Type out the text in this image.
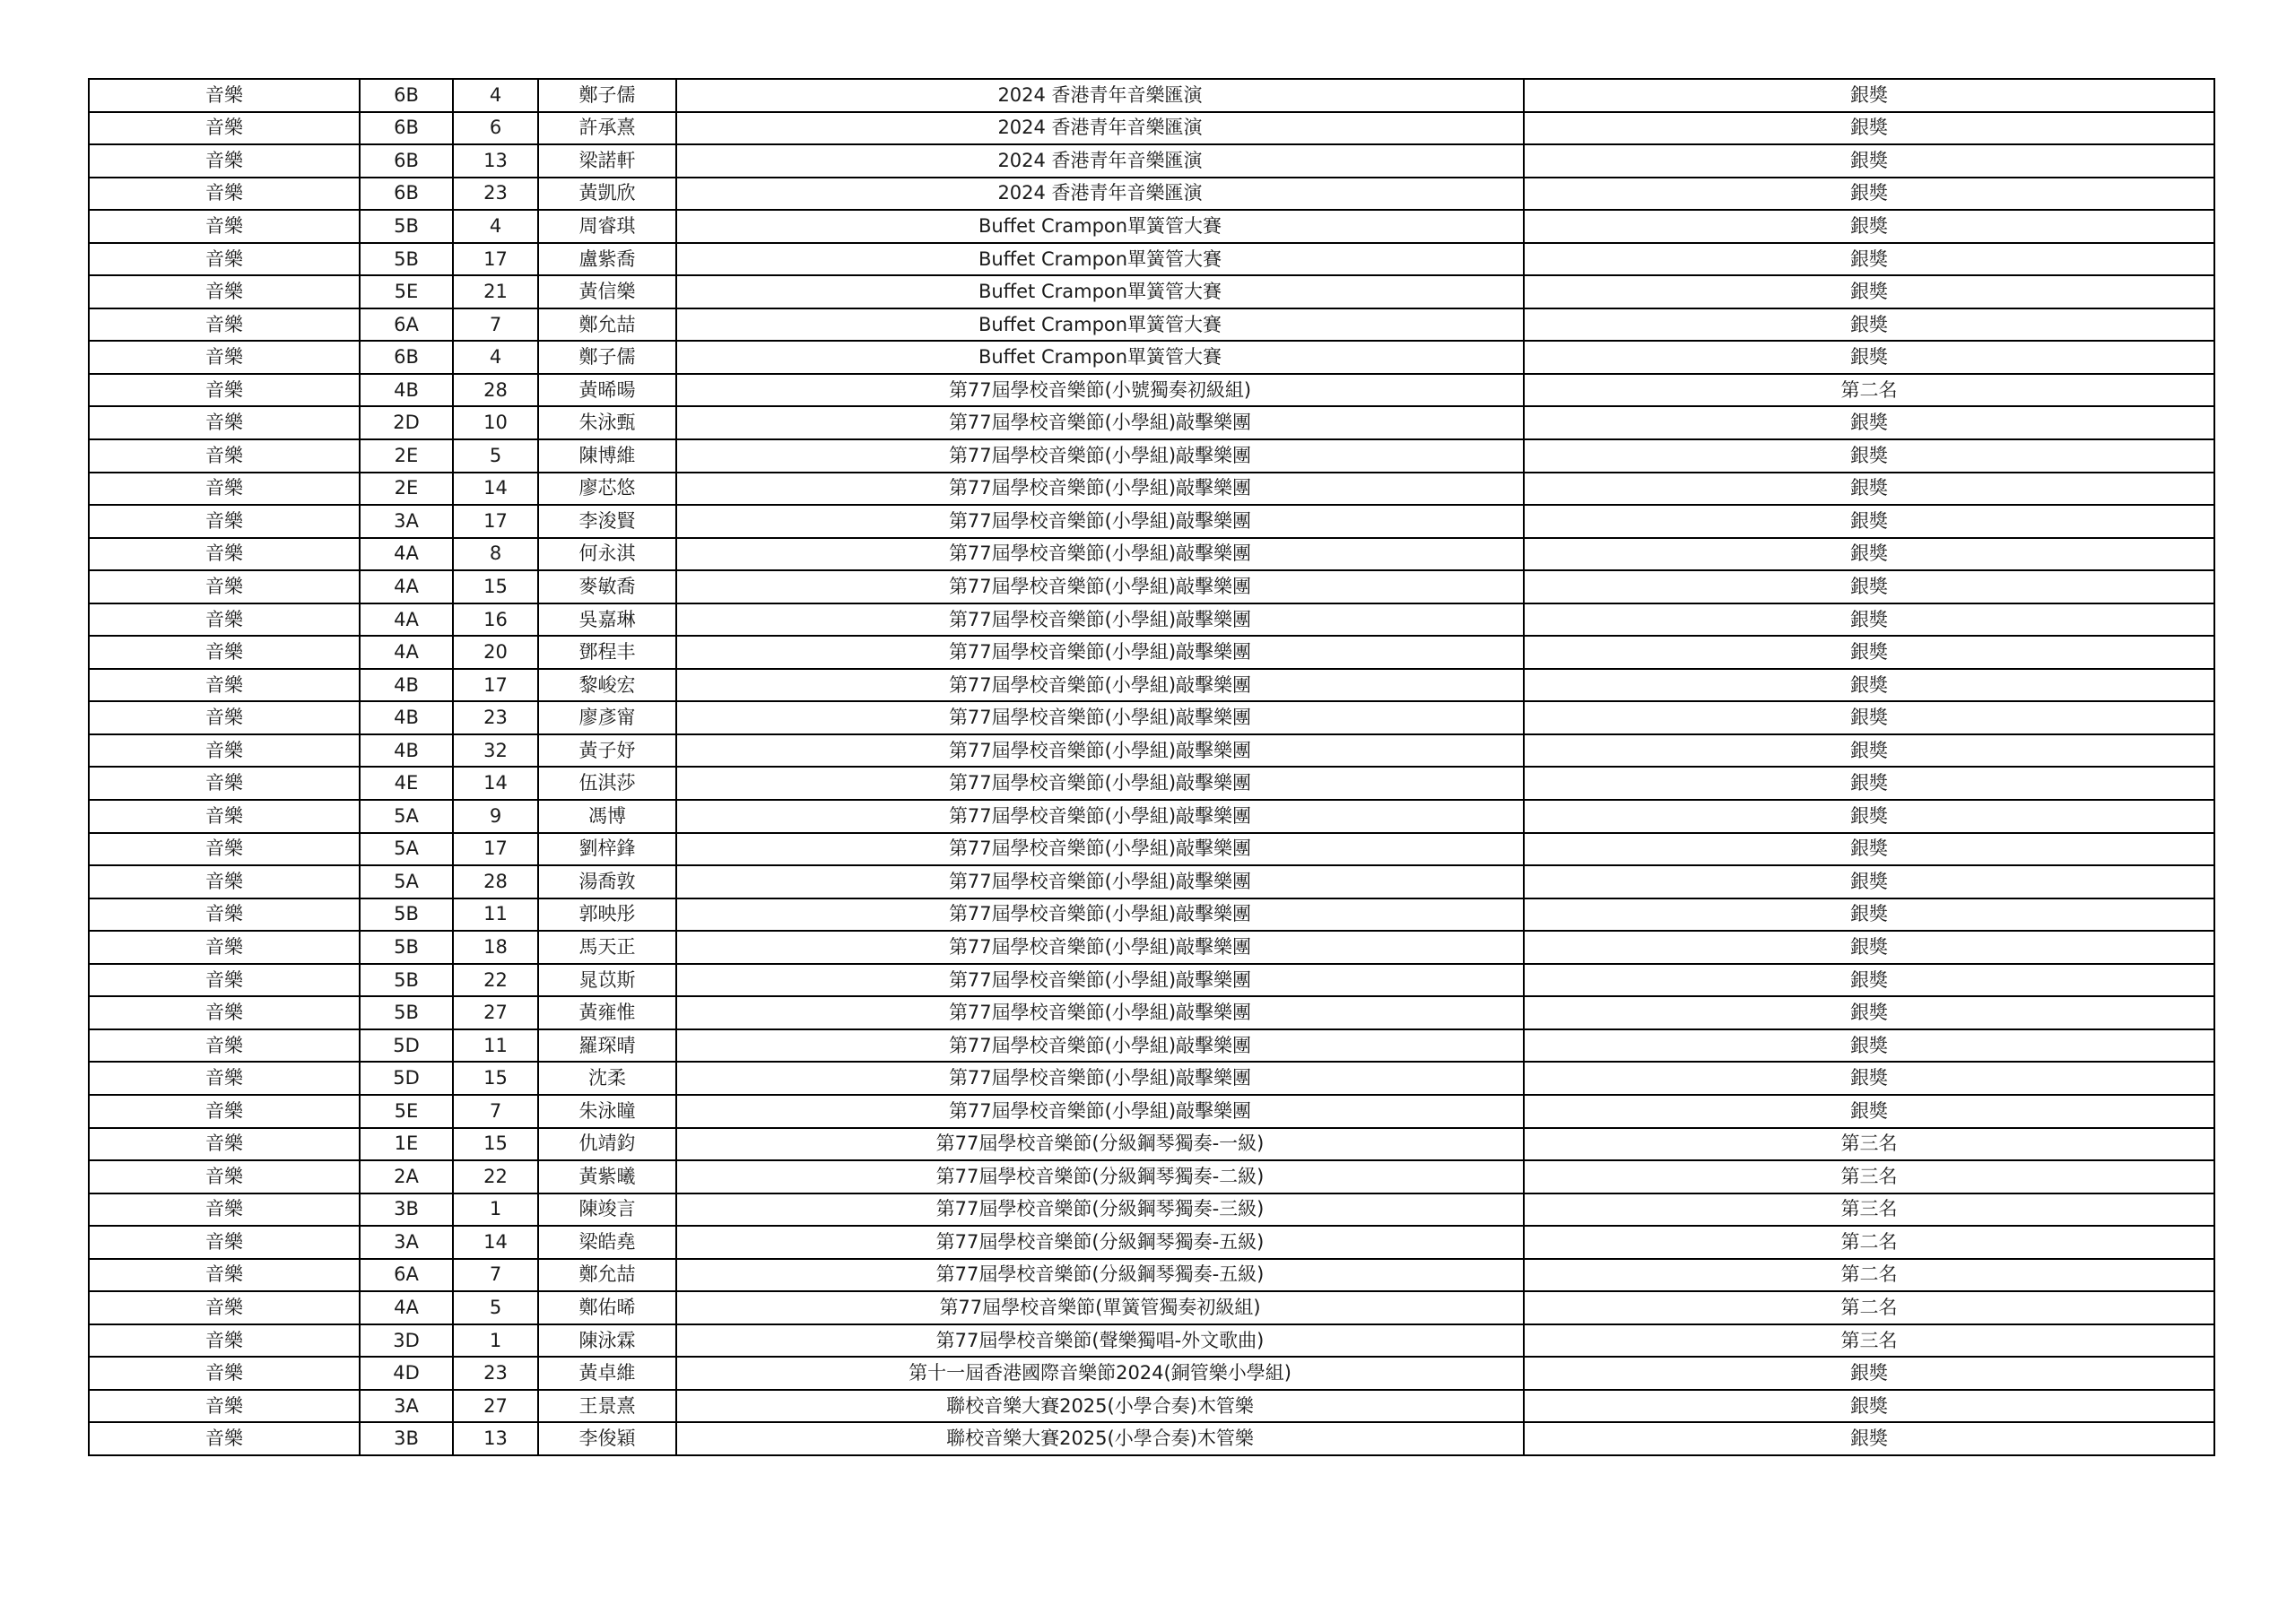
音樂	6B	4	鄭子儒	2024 香港青年音樂匯演	銀獎
音樂	6B	6	許承熹	2024 香港青年音樂匯演	銀獎
音樂	6B	13	梁諾軒	2024 香港青年音樂匯演	銀獎
音樂	6B	23	黃凱欣	2024 香港青年音樂匯演	銀獎
音樂	5B	4	周睿琪	Buffet Crampon單簧管大賽	銀獎
音樂	5B	17	盧紫喬	Buffet Crampon單簧管大賽	銀獎
音樂	5E	21	黃信樂	Buffet Crampon單簧管大賽	銀獎
音樂	6A	7	鄭允喆	Buffet Crampon單簧管大賽	銀獎
音樂	6B	4	鄭子儒	Buffet Crampon單簧管大賽	銀獎
音樂	4B	28	黃晞暘	第77屆學校音樂節(小號獨奏初級組)	第二名
音樂	2D	10	朱泳甄	第77屆學校音樂節(小學組)敲擊樂團	銀獎
音樂	2E	5	陳博維	第77屆學校音樂節(小學組)敲擊樂團	銀獎
音樂	2E	14	廖芯悠	第77屆學校音樂節(小學組)敲擊樂團	銀獎
音樂	3A	17	李浚賢	第77屆學校音樂節(小學組)敲擊樂團	銀獎
音樂	4A	8	何永淇	第77屆學校音樂節(小學組)敲擊樂團	銀獎
音樂	4A	15	麥敏喬	第77屆學校音樂節(小學組)敲擊樂團	銀獎
音樂	4A	16	吳嘉琳	第77屆學校音樂節(小學組)敲擊樂團	銀獎
音樂	4A	20	鄧程丰	第77屆學校音樂節(小學組)敲擊樂團	銀獎
音樂	4B	17	黎峻宏	第77屆學校音樂節(小學組)敲擊樂團	銀獎
音樂	4B	23	廖彥甯	第77屆學校音樂節(小學組)敲擊樂團	銀獎
音樂	4B	32	黃子妤	第77屆學校音樂節(小學組)敲擊樂團	銀獎
音樂	4E	14	伍淇莎	第77屆學校音樂節(小學組)敲擊樂團	銀獎
音樂	5A	9	馮博	第77屆學校音樂節(小學組)敲擊樂團	銀獎
音樂	5A	17	劉梓鋒	第77屆學校音樂節(小學組)敲擊樂團	銀獎
音樂	5A	28	湯喬敦	第77屆學校音樂節(小學組)敲擊樂團	銀獎
音樂	5B	11	郭映彤	第77屆學校音樂節(小學組)敲擊樂團	銀獎
音樂	5B	18	馬天正	第77屆學校音樂節(小學組)敲擊樂團	銀獎
音樂	5B	22	晁苡斯	第77屆學校音樂節(小學組)敲擊樂團	銀獎
音樂	5B	27	黃雍惟	第77屆學校音樂節(小學組)敲擊樂團	銀獎
音樂	5D	11	羅琛晴	第77屆學校音樂節(小學組)敲擊樂團	銀獎
音樂	5D	15	沈柔	第77屆學校音樂節(小學組)敲擊樂團	銀獎
音樂	5E	7	朱泳瞳	第77屆學校音樂節(小學組)敲擊樂團	銀獎
音樂	1E	15	仇靖鈞	第77屆學校音樂節(分級鋼琴獨奏-一級)	第三名
音樂	2A	22	黃紫曦	第77屆學校音樂節(分級鋼琴獨奏-二級)	第三名
音樂	3B	1	陳竣言	第77屆學校音樂節(分級鋼琴獨奏-三級)	第三名
音樂	3A	14	梁皓堯	第77屆學校音樂節(分級鋼琴獨奏-五級)	第二名
音樂	6A	7	鄭允喆	第77屆學校音樂節(分級鋼琴獨奏-五級)	第二名
音樂	4A	5	鄭佑晞	第77屆學校音樂節(單簧管獨奏初級組)	第二名
音樂	3D	1	陳泳霖	第77屆學校音樂節(聲樂獨唱-外文歌曲)	第三名
音樂	4D	23	黃卓維	第十一屆香港國際音樂節2024(銅管樂小學組)	銀獎
音樂	3A	27	王景熹	聯校音樂大賽2025(小學合奏)木管樂	銀獎
音樂	3B	13	李俊穎	聯校音樂大賽2025(小學合奏)木管樂	銀獎
